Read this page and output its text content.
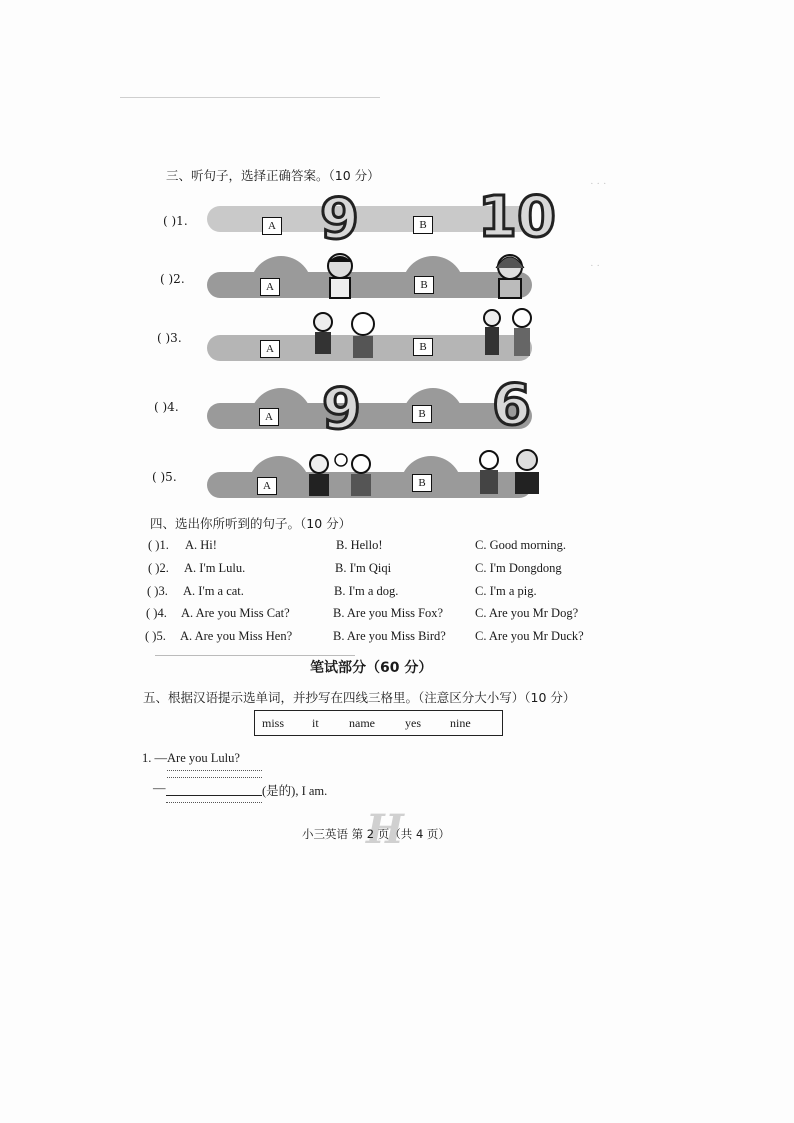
· · ·
· ·
三、听句子，选择正确答案。（10 分）
( )1.	A 9	B 10
( )2.
A	B
( )3.
A	B
( )4.
A 9	B 6
( )5.
A	B
四、选出你所听到的句子。（10 分）
( )1. A. Hi!	B. Hello!	C. Good morning.
( )2. A. I'm Lulu.	B. I'm Qiqi	C. I'm Dongdong
( )3. A. I'm a cat.	B. I'm a dog.	C. I'm a pig.
( )4. A. Are you Miss Cat?	B. Are you Miss Fox?	C. Are you Mr Dog?
( )5. A. Are you Miss Hen?	B. Are you Miss Bird? C. Are you Mr Duck?
笔试部分（60 分）
五、根据汉语提示选单词，并抄写在四线三格里。（注意区分大小写）（10 分）
miss it	name	yes nine
1. —Are you Lulu?
—	(是的), I am.
H
小三英语 第 2 页（共 4 页）
